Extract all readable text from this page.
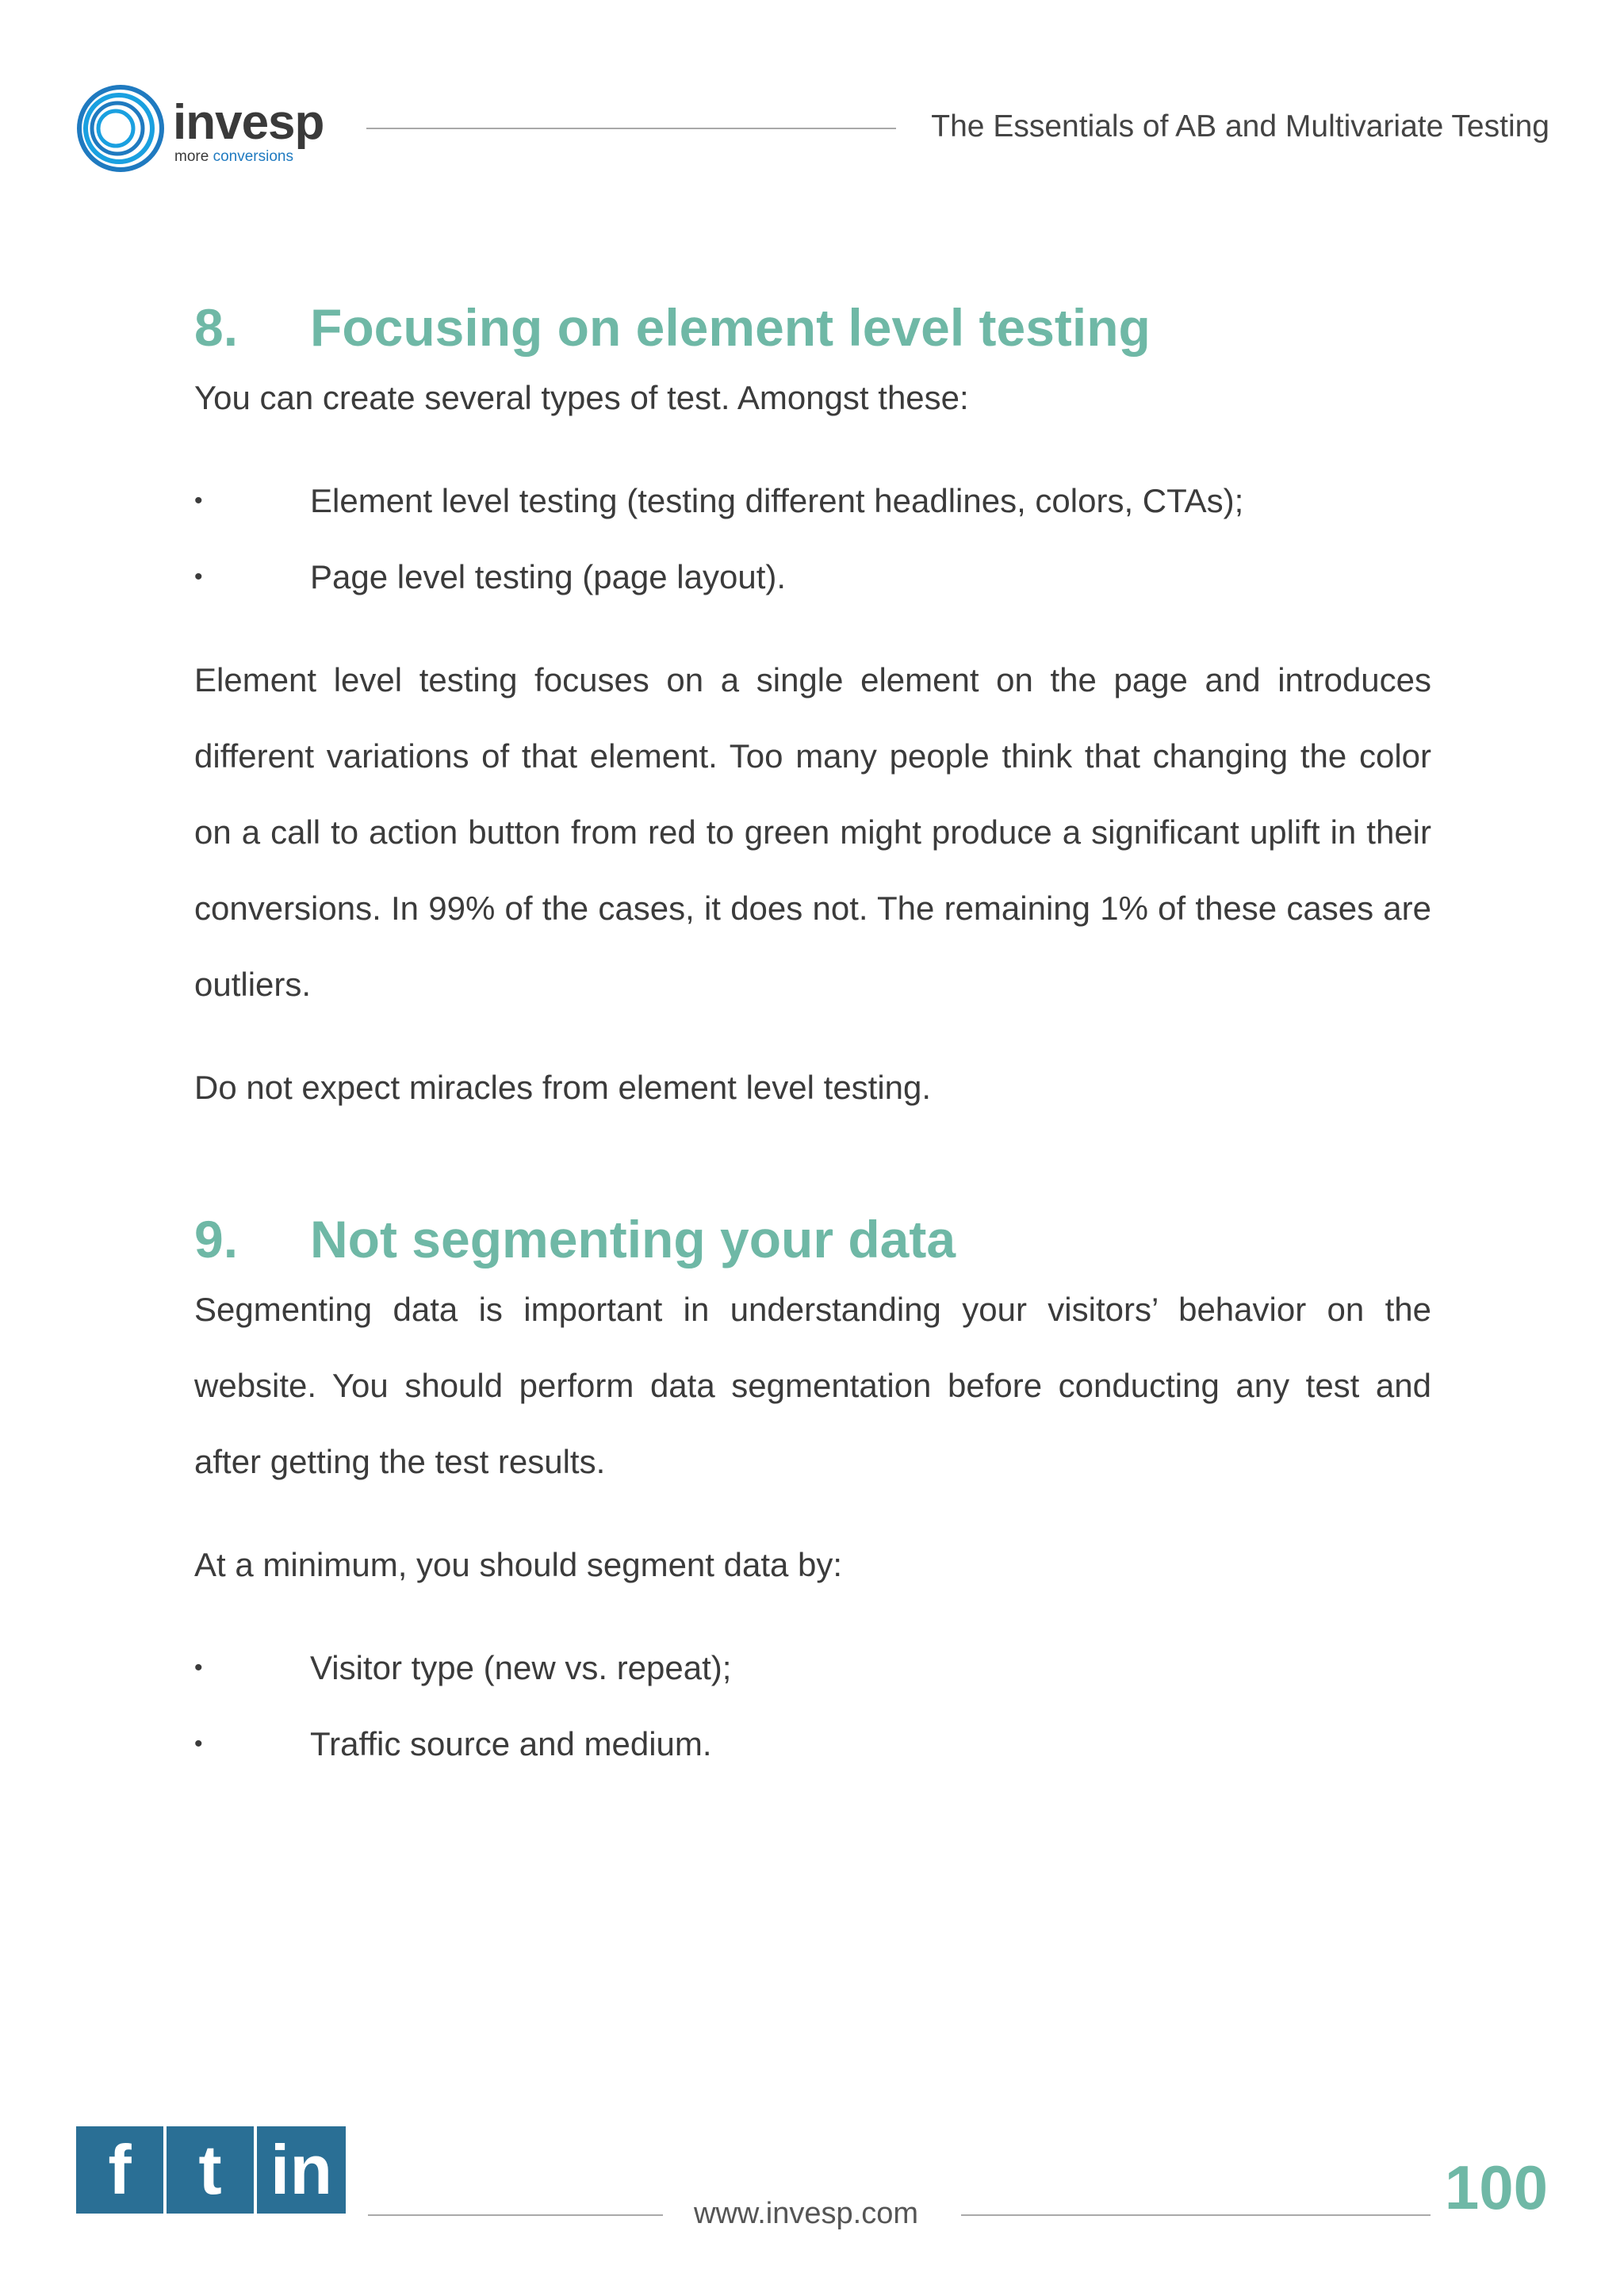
invesp
more conversions
The Essentials of AB and Multivariate Testing
8.	Focusing on element level testing

You can create several types of test. Amongst these:

•	Element level testing (testing different headlines, colors, CTAs);
•	Page level testing (page layout).

Element level testing focuses on a single element on the page and introduces different variations of that element. Too many people think that changing the color on a call to action button from red to green might produce a significant uplift in their conversions. In 99% of the cases, it does not. The remaining 1% of these cases are outliers.

Do not expect miracles from element level testing.

9.	Not segmenting your data

Segmenting data is important in understanding your visitors’ behavior on the website. You should perform data segmentation before conducting any test and after getting the test results.

At a minimum, you should segment data by:

•	Visitor type (new vs. repeat);
•	Traffic source and medium.
f t in
www.invesp.com	100
